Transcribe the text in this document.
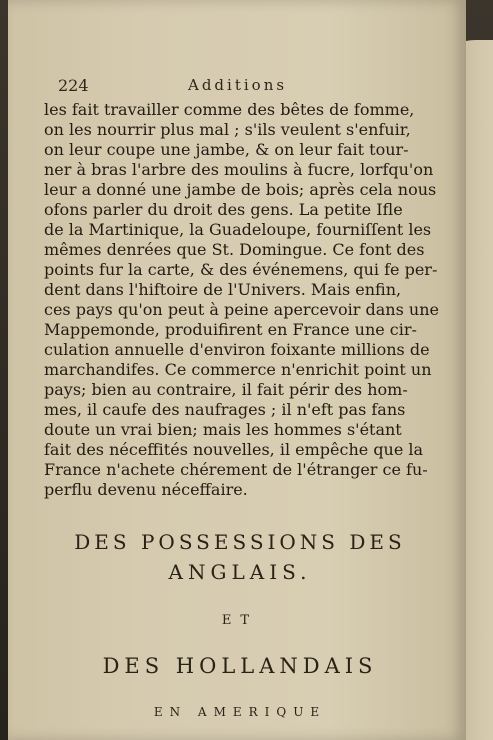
224	Additions
les fait travailler comme des bêtes de fomme,
on les nourrir plus mal ; s'ils veulent s'enfuir,
on leur coupe une jambe, & on leur fait tour-
ner à bras l'arbre des moulins à fucre, lorfqu'on
leur a donné une jambe de bois; après cela nous
ofons parler du droit des gens. La petite Ifle
de la Martinique, la Guadeloupe, fourniſſent les
mêmes denrées que St. Domingue. Ce font des
points fur la carte, & des événemens, qui fe per-
dent dans l'hiftoire de l'Univers. Mais enfin,
ces pays qu'on peut à peine apercevoir dans une
Mappemonde, produifirent en France une cir-
culation annuelle d'environ foixante millions de
marchandifes. Ce commerce n'enrichit point un
pays; bien au contraire, il fait périr des hom-
mes, il caufe des naufrages ; il n'eft pas fans
doute un vrai bien; mais les hommes s'étant
fait des néceffités nouvelles, il empêche que la
France n'achete chérement de l'étranger ce fu-
perflu devenu néceffaire.
DES POSSESSIONS DES
ANGLAIS.
ET
DES HOLLANDAIS
EN AMERIQUE
